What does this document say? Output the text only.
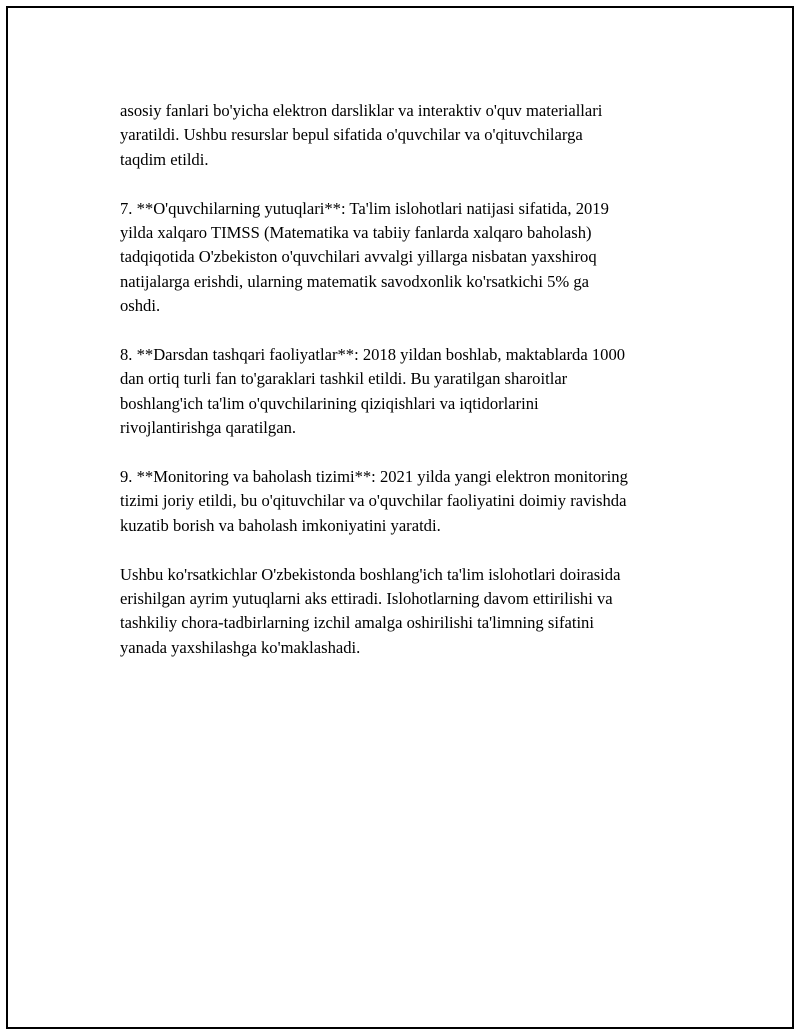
asosiy fanlari bo'yicha elektron darsliklar va interaktiv o'quv materiallari
yaratildi. Ushbu resurslar bepul sifatida o'quvchilar va o'qituvchilarga
taqdim etildi.

7. **O'quvchilarning yutuqlari**: Ta'lim islohotlari natijasi sifatida, 2019
yilda xalqaro TIMSS (Matematika va tabiiy fanlarda xalqaro baholash)
tadqiqotida O'zbekiston o'quvchilari avvalgi yillarga nisbatan yaxshiroq
natijalarga erishdi, ularning matematik savodxonlik ko'rsatkichi 5% ga
oshdi.

8. **Darsdan tashqari faoliyatlar**: 2018 yildan boshlab, maktablarda 1000
dan ortiq turli fan to'garaklari tashkil etildi. Bu yaratilgan sharoitlar
boshlang'ich ta'lim o'quvchilarining qiziqishlari va iqtidorlarini
rivojlantirishga qaratilgan.

9. **Monitoring va baholash tizimi**: 2021 yilda yangi elektron monitoring
tizimi joriy etildi, bu o'qituvchilar va o'quvchilar faoliyatini doimiy ravishda
kuzatib borish va baholash imkoniyatini yaratdi.

Ushbu ko'rsatkichlar O'zbekistonda boshlang'ich ta'lim islohotlari doirasida
erishilgan ayrim yutuqlarni aks ettiradi. Islohotlarning davom ettirilishi va
tashkiliy chora-tadbirlarning izchil amalga oshirilishi ta'limning sifatini
yanada yaxshilashga ko'maklashadi.
